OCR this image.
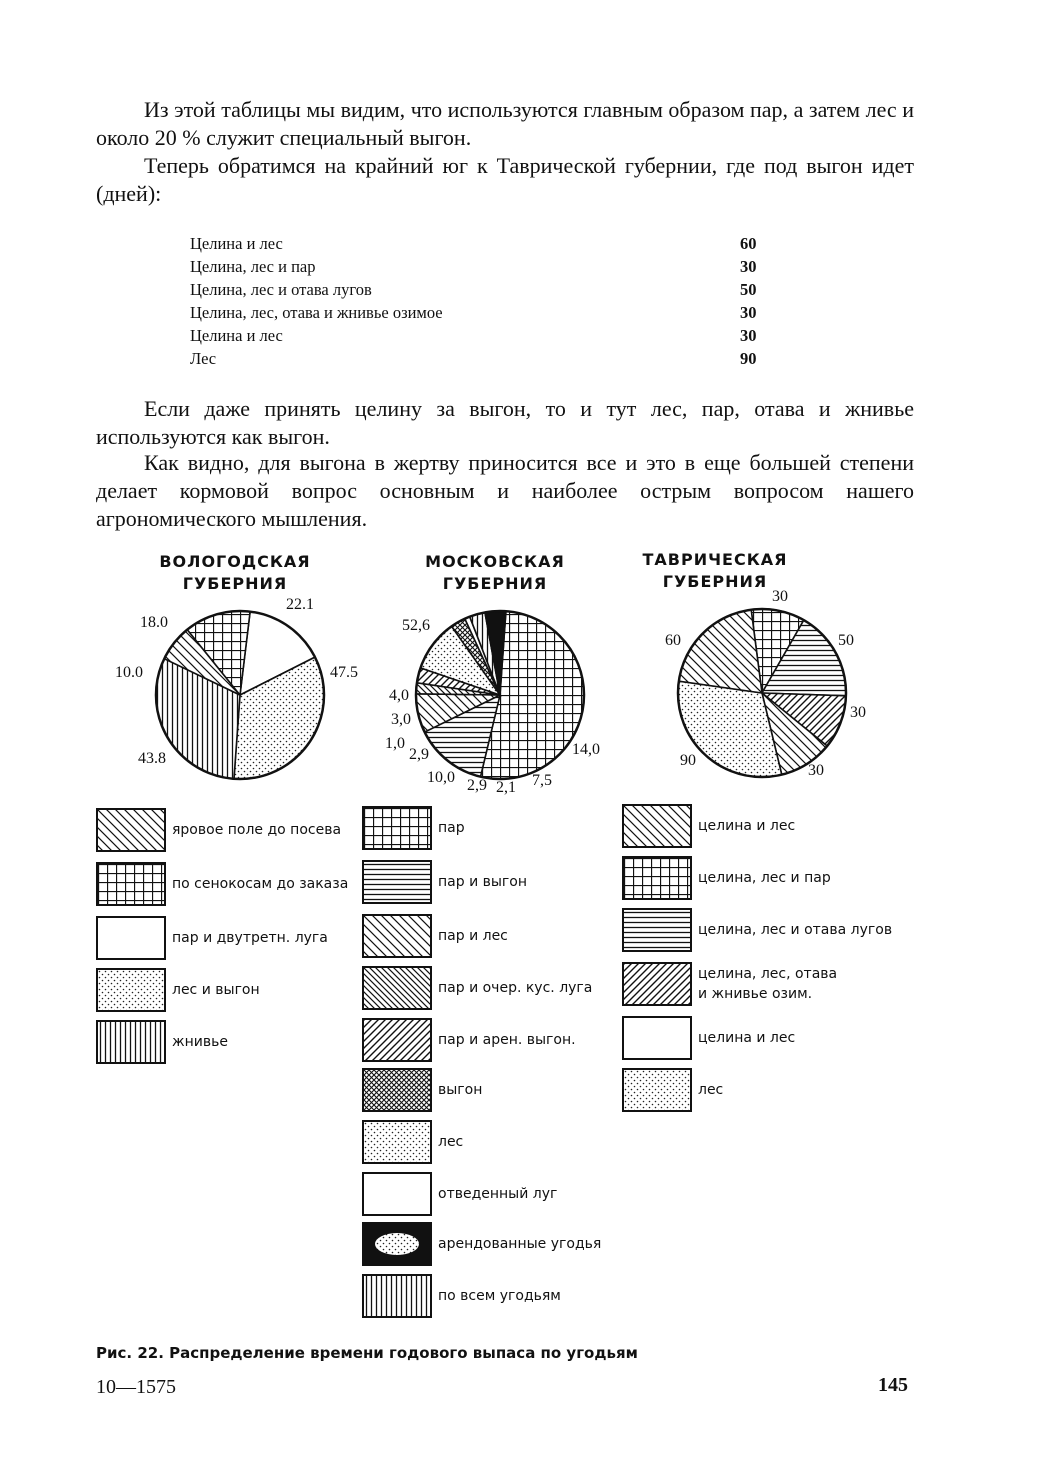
Из этой таблицы мы видим, что используются главным образом пар, а затем лес и около 20 % служит специальный выгон.

Теперь обратимся на крайний юг к Таврической губернии, где под выгон идет (дней):

Целина и лес	60
Целина, лес и пар	30
Целина, лес и отава лугов	50
Целина, лес, отава и жнивье озимое	30
Целина и лес	30
Лес	90

Если даже принять целину за выгон, то и тут лес, пар, отава и жнивье используются как выгон.

Как видно, для выгона в жертву приносится все и это в еще большей степени делает кормовой вопрос основным и наиболее острым вопросом нашего агрономического мышления.

ВОЛОГОДСКАЯ ГУБЕРНИЯ
МОСКОВСКАЯ ГУБЕРНИЯ
ТАВРИЧЕСКАЯ ГУБЕРНИЯ
22.1
47.5
43.8
10.0
18.0	52,6
14,0
7,5
2,1
2,9
10,0
2,9
1,0
3,0
4,0
30
50
30
30
90
60
яровое поле до посева
по сенокосам до заказа
пар и двутретн. луга
лес и выгон
жнивье
пар
пар и выгон
пар и лес
пар и очер. кус. луга
пар и арен. выгон.
выгон
лес
отведенный луг
арендованные угодья
по всем угодьям
целина и лес
целина, лес и пар
целина, лес и отава лугов
целина, лес, отава и жнивье озим.
целина и лес
лес
Рис. 22. Распределение времени годового выпаса по угодьям
10—1575	145
